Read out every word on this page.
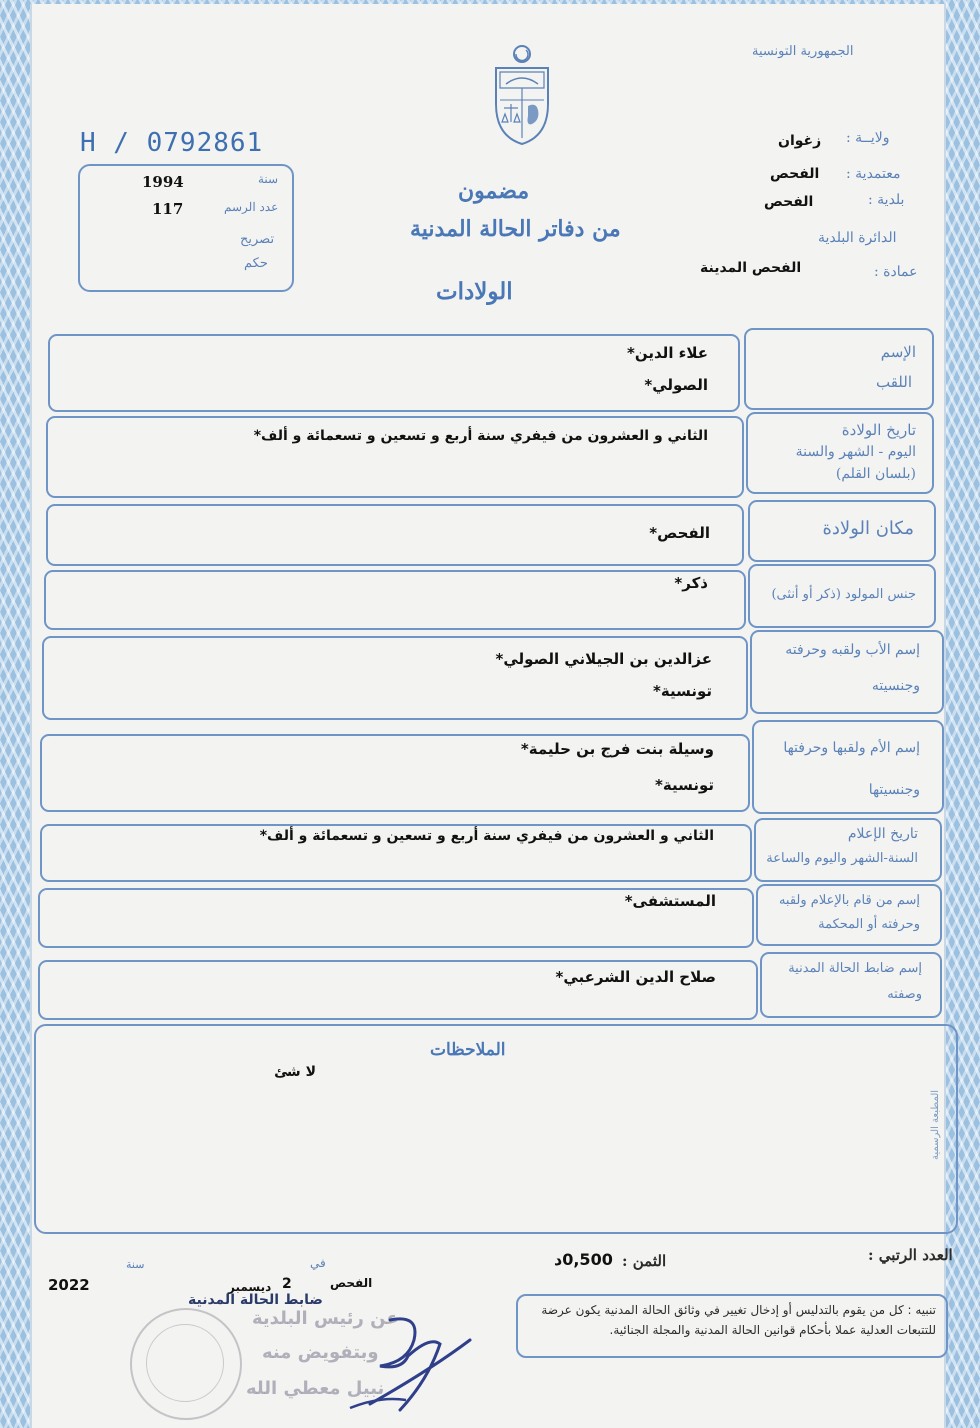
الجمهورية التونسية
H / 0792861
سنة
1994
عدد الرسم
117
تصريح
حكم
ولايــة :
زغوان
معتمدية :
الفحص
بلدية :
الفحص
الدائرة البلدية
عمادة :
الفحص المدينة
مضمون
من دفاتر الحالة المدنية
الولادات
الإسم
اللقب
علاء الدين*
الصولي*
تاريخ الولادة
اليوم - الشهر والسنة
(بلسان القلم)
الثاني و العشرون من فيفري سنة أربع و تسعين و تسعمائة و ألف*
مكان الولادة
الفحص*
جنس المولود (ذكر أو أنثى)
ذكر*
إسم الأب ولقبه وحرفته
وجنسيته
عزالدين بن الجيلاني الصولي*
تونسية*
إسم الأم ولقبها وحرفتها
وجنسيتها
وسيلة بنت فرج بن حليمة*
تونسية*
تاريخ الإعلام
السنة-الشهر واليوم والساعة
الثاني و العشرون من فيفري سنة أربع و تسعين و تسعمائة و ألف*
إسم من قام بالإعلام ولقبه
وحرفته أو المحكمة
المستشفى*
إسم ضابط الحالة المدنية
وصفته
صلاح الدين الشرعبي*
الملاحظات
لا شئ
المطبعة الرسمية
العدد الرتبي :
الثمن :
0,500د
الفحص
في
2
ديسمبر
سنة
2022
ضابط الحالة المدنية
عن رئيس البلدية
وبتفويض منه
نبيل معطي الله
تنبيه : كل من يقوم بالتدليس أو إدخال تغيير في وثائق الحالة المدنية يكون عرضة للتتبعات العدلية عملا بأحكام قوانين الحالة المدنية والمجلة الجنائية.
